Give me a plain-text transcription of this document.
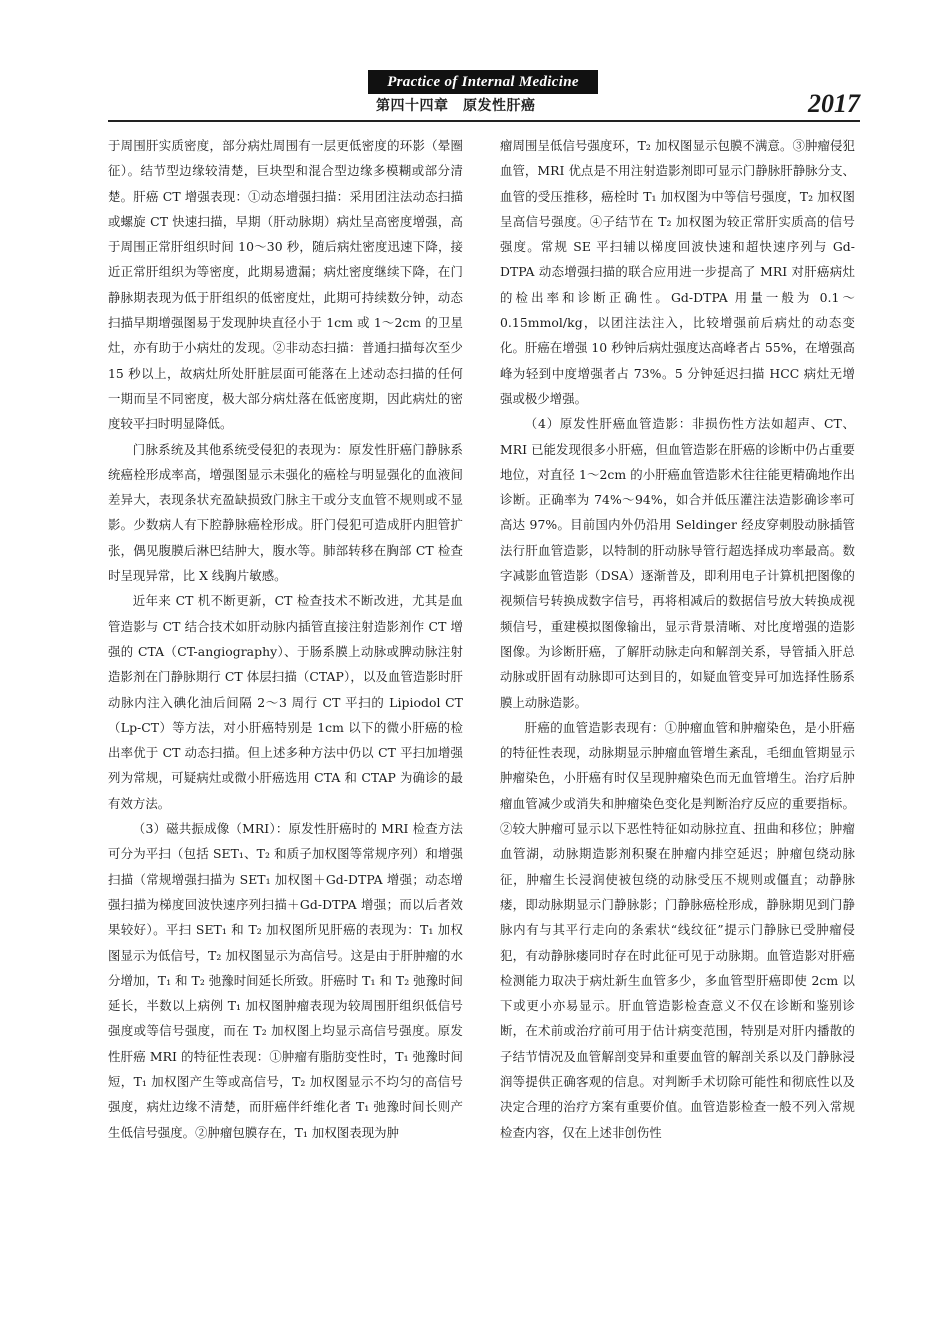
Practice of Internal Medicine
第四十四章　原发性肝癌	2017

于周围肝实质密度，部分病灶周围有一层更低密度的环影（晕圈征）。结节型边缘较清楚，巨块型和混合型边缘多模糊或部分清楚。肝癌 CT 增强表现：①动态增强扫描：采用团注法动态扫描或螺旋 CT 快速扫描，早期（肝动脉期）病灶呈高密度增强，高于周围正常肝组织时间 10～30 秒，随后病灶密度迅速下降，接近正常肝组织为等密度，此期易遗漏；病灶密度继续下降，在门静脉期表现为低于肝组织的低密度灶，此期可持续数分钟，动态扫描早期增强图易于发现肿块直径小于 1cm 或 1～2cm 的卫星灶，亦有助于小病灶的发现。②非动态扫描：普通扫描每次至少 15 秒以上，故病灶所处肝脏层面可能落在上述动态扫描的任何一期而呈不同密度，极大部分病灶落在低密度期，因此病灶的密度较平扫时明显降低。

门脉系统及其他系统受侵犯的表现为：原发性肝癌门静脉系统癌栓形成率高，增强图显示未强化的癌栓与明显强化的血液间差异大，表现条状充盈缺损致门脉主干或分支血管不规则或不显影。少数病人有下腔静脉癌栓形成。肝门侵犯可造成肝内胆管扩张，偶见腹膜后淋巴结肿大，腹水等。肺部转移在胸部 CT 检查时呈现异常，比 X 线胸片敏感。

近年来 CT 机不断更新，CT 检查技术不断改进，尤其是血管造影与 CT 结合技术如肝动脉内插管直接注射造影剂作 CT 增强的 CTA（CT-angiography）、于肠系膜上动脉或脾动脉注射造影剂在门静脉期行 CT 体层扫描（CTAP），以及血管造影时肝动脉内注入碘化油后间隔 2～3 周行 CT 平扫的 Lipiodol CT（Lp-CT）等方法，对小肝癌特别是 1cm 以下的微小肝癌的检出率优于 CT 动态扫描。但上述多种方法中仍以 CT 平扫加增强列为常规，可疑病灶或微小肝癌选用 CTA 和 CTAP 为确诊的最有效方法。

（3）磁共振成像（MRI）：原发性肝癌时的 MRI 检查方法可分为平扫（包括 SET₁、T₂ 和质子加权图等常规序列）和增强扫描（常规增强扫描为 SET₁ 加权图＋Gd-DTPA 增强；动态增强扫描为梯度回波快速序列扫描＋Gd-DTPA 增强；而以后者效果较好）。平扫 SET₁ 和 T₂ 加权图所见肝癌的表现为：T₁ 加权图显示为低信号，T₂ 加权图显示为高信号。这是由于肝肿瘤的水分增加，T₁ 和 T₂ 弛豫时间延长所致。肝癌时 T₁ 和 T₂ 弛豫时间延长，半数以上病例 T₁ 加权图肿瘤表现为较周围肝组织低信号强度或等信号强度，而在 T₂ 加权图上均显示高信号强度。原发性肝癌 MRI 的特征性表现：①肿瘤有脂肪变性时，T₁ 弛豫时间短，T₁ 加权图产生等或高信号，T₂ 加权图显示不均匀的高信号强度，病灶边缘不清楚，而肝癌伴纤维化者 T₁ 弛豫时间长则产生低信号强度。②肿瘤包膜存在，T₁ 加权图表现为肿

瘤周围呈低信号强度环，T₂ 加权图显示包膜不满意。③肿瘤侵犯血管，MRI 优点是不用注射造影剂即可显示门静脉肝静脉分支、血管的受压推移，癌栓时 T₁ 加权图为中等信号强度，T₂ 加权图呈高信号强度。④子结节在 T₂ 加权图为较正常肝实质高的信号强度。常规 SE 平扫辅以梯度回波快速和超快速序列与 Gd-DTPA 动态增强扫描的联合应用进一步提高了 MRI 对肝癌病灶的检出率和诊断正确性。Gd-DTPA 用量一般为 0.1～0.15mmol/kg，以团注法注入，比较增强前后病灶的动态变化。肝癌在增强 10 秒钟后病灶强度达高峰者占 55%，在增强高峰为轻到中度增强者占 73%。5 分钟延迟扫描 HCC 病灶无增强或极少增强。

（4）原发性肝癌血管造影：非损伤性方法如超声、CT、MRI 已能发现很多小肝癌，但血管造影在肝癌的诊断中仍占重要地位，对直径 1～2cm 的小肝癌血管造影术往往能更精确地作出诊断。正确率为 74%～94%，如合并低压灌注法造影确诊率可高达 97%。目前国内外仍沿用 Seldinger 经皮穿刺股动脉插管法行肝血管造影，以特制的肝动脉导管行超选择成功率最高。数字减影血管造影（DSA）逐渐普及，即利用电子计算机把图像的视频信号转换成数字信号，再将相减后的数据信号放大转换成视频信号，重建模拟图像输出，显示背景清晰、对比度增强的造影图像。为诊断肝癌，了解肝动脉走向和解剖关系，导管插入肝总动脉或肝固有动脉即可达到目的，如疑血管变异可加选择性肠系膜上动脉造影。

肝癌的血管造影表现有：①肿瘤血管和肿瘤染色，是小肝癌的特征性表现，动脉期显示肿瘤血管增生紊乱，毛细血管期显示肿瘤染色，小肝癌有时仅呈现肿瘤染色而无血管增生。治疗后肿瘤血管减少或消失和肿瘤染色变化是判断治疗反应的重要指标。②较大肿瘤可显示以下恶性特征如动脉拉直、扭曲和移位；肿瘤血管湖，动脉期造影剂积聚在肿瘤内排空延迟；肿瘤包绕动脉征，肿瘤生长浸润使被包绕的动脉受压不规则或僵直；动静脉瘘，即动脉期显示门静脉影；门静脉癌栓形成，静脉期见到门静脉内有与其平行走向的条索状“线纹征”提示门静脉已受肿瘤侵犯，有动静脉瘘同时存在时此征可见于动脉期。血管造影对肝癌检测能力取决于病灶新生血管多少，多血管型肝癌即使 2cm 以下或更小亦易显示。肝血管造影检查意义不仅在诊断和鉴别诊断，在术前或治疗前可用于估计病变范围，特别是对肝内播散的子结节情况及血管解剖变异和重要血管的解剖关系以及门静脉浸润等提供正确客观的信息。对判断手术切除可能性和彻底性以及决定合理的治疗方案有重要价值。血管造影检查一般不列入常规检查内容，仅在上述非创伤性
